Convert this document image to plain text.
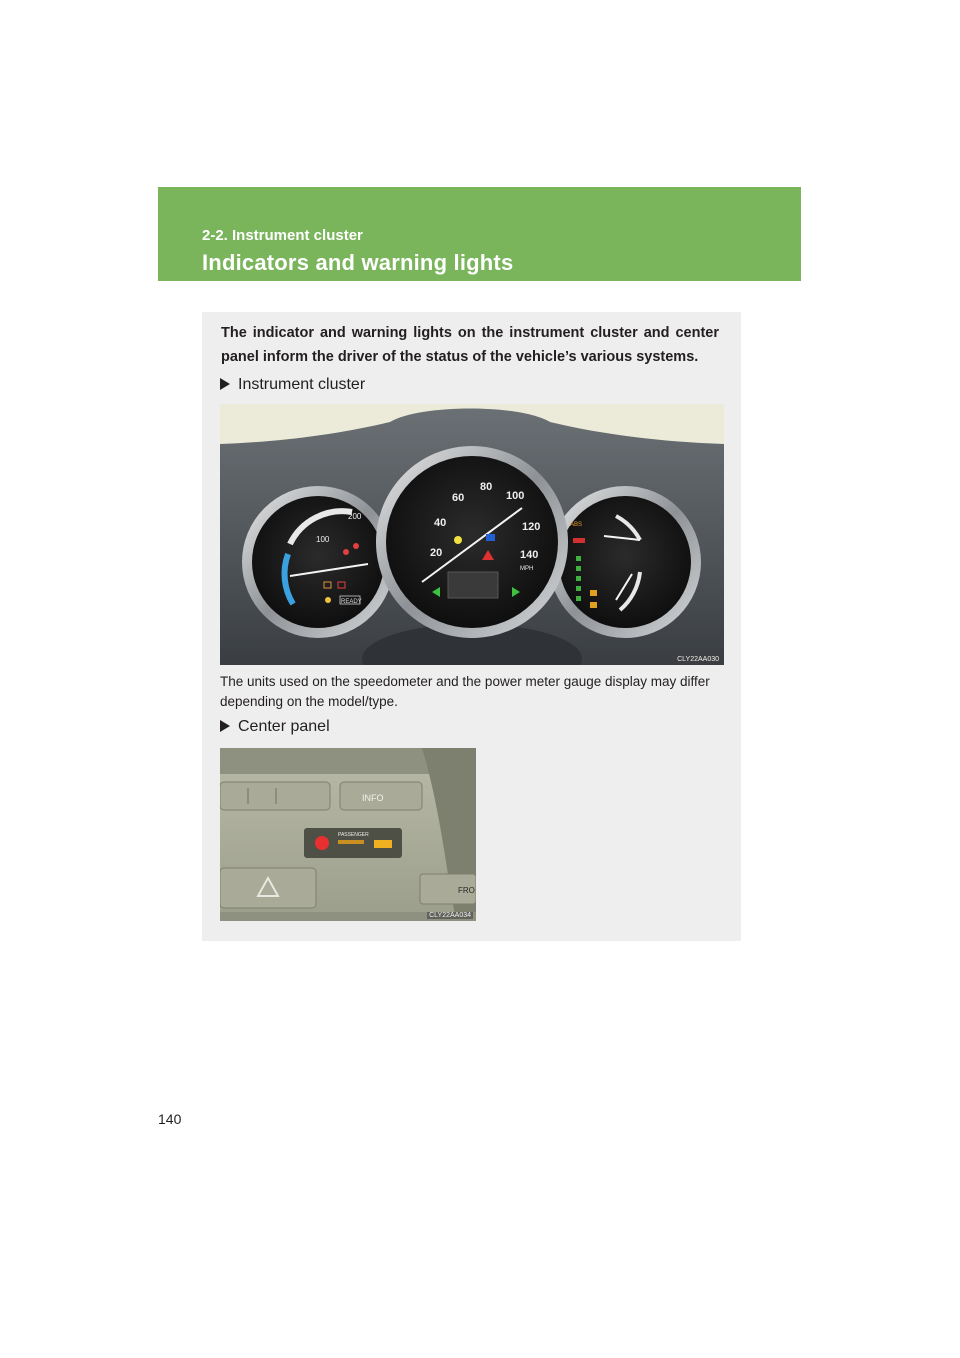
2-2. Instrument cluster
Indicators and warning lights
The indicator and warning lights on the instrument cluster and center panel inform the driver of the status of the vehicle’s various systems.
Instrument cluster
100
200
READY
20
40
60
80
100
120
140
MPH
ABS
CLY22AA030
The units used on the speedometer and the power meter gauge display may differ depending on the model/type.
Center panel
INFO
PASSENGER
FRO
CLY22AA034
140
